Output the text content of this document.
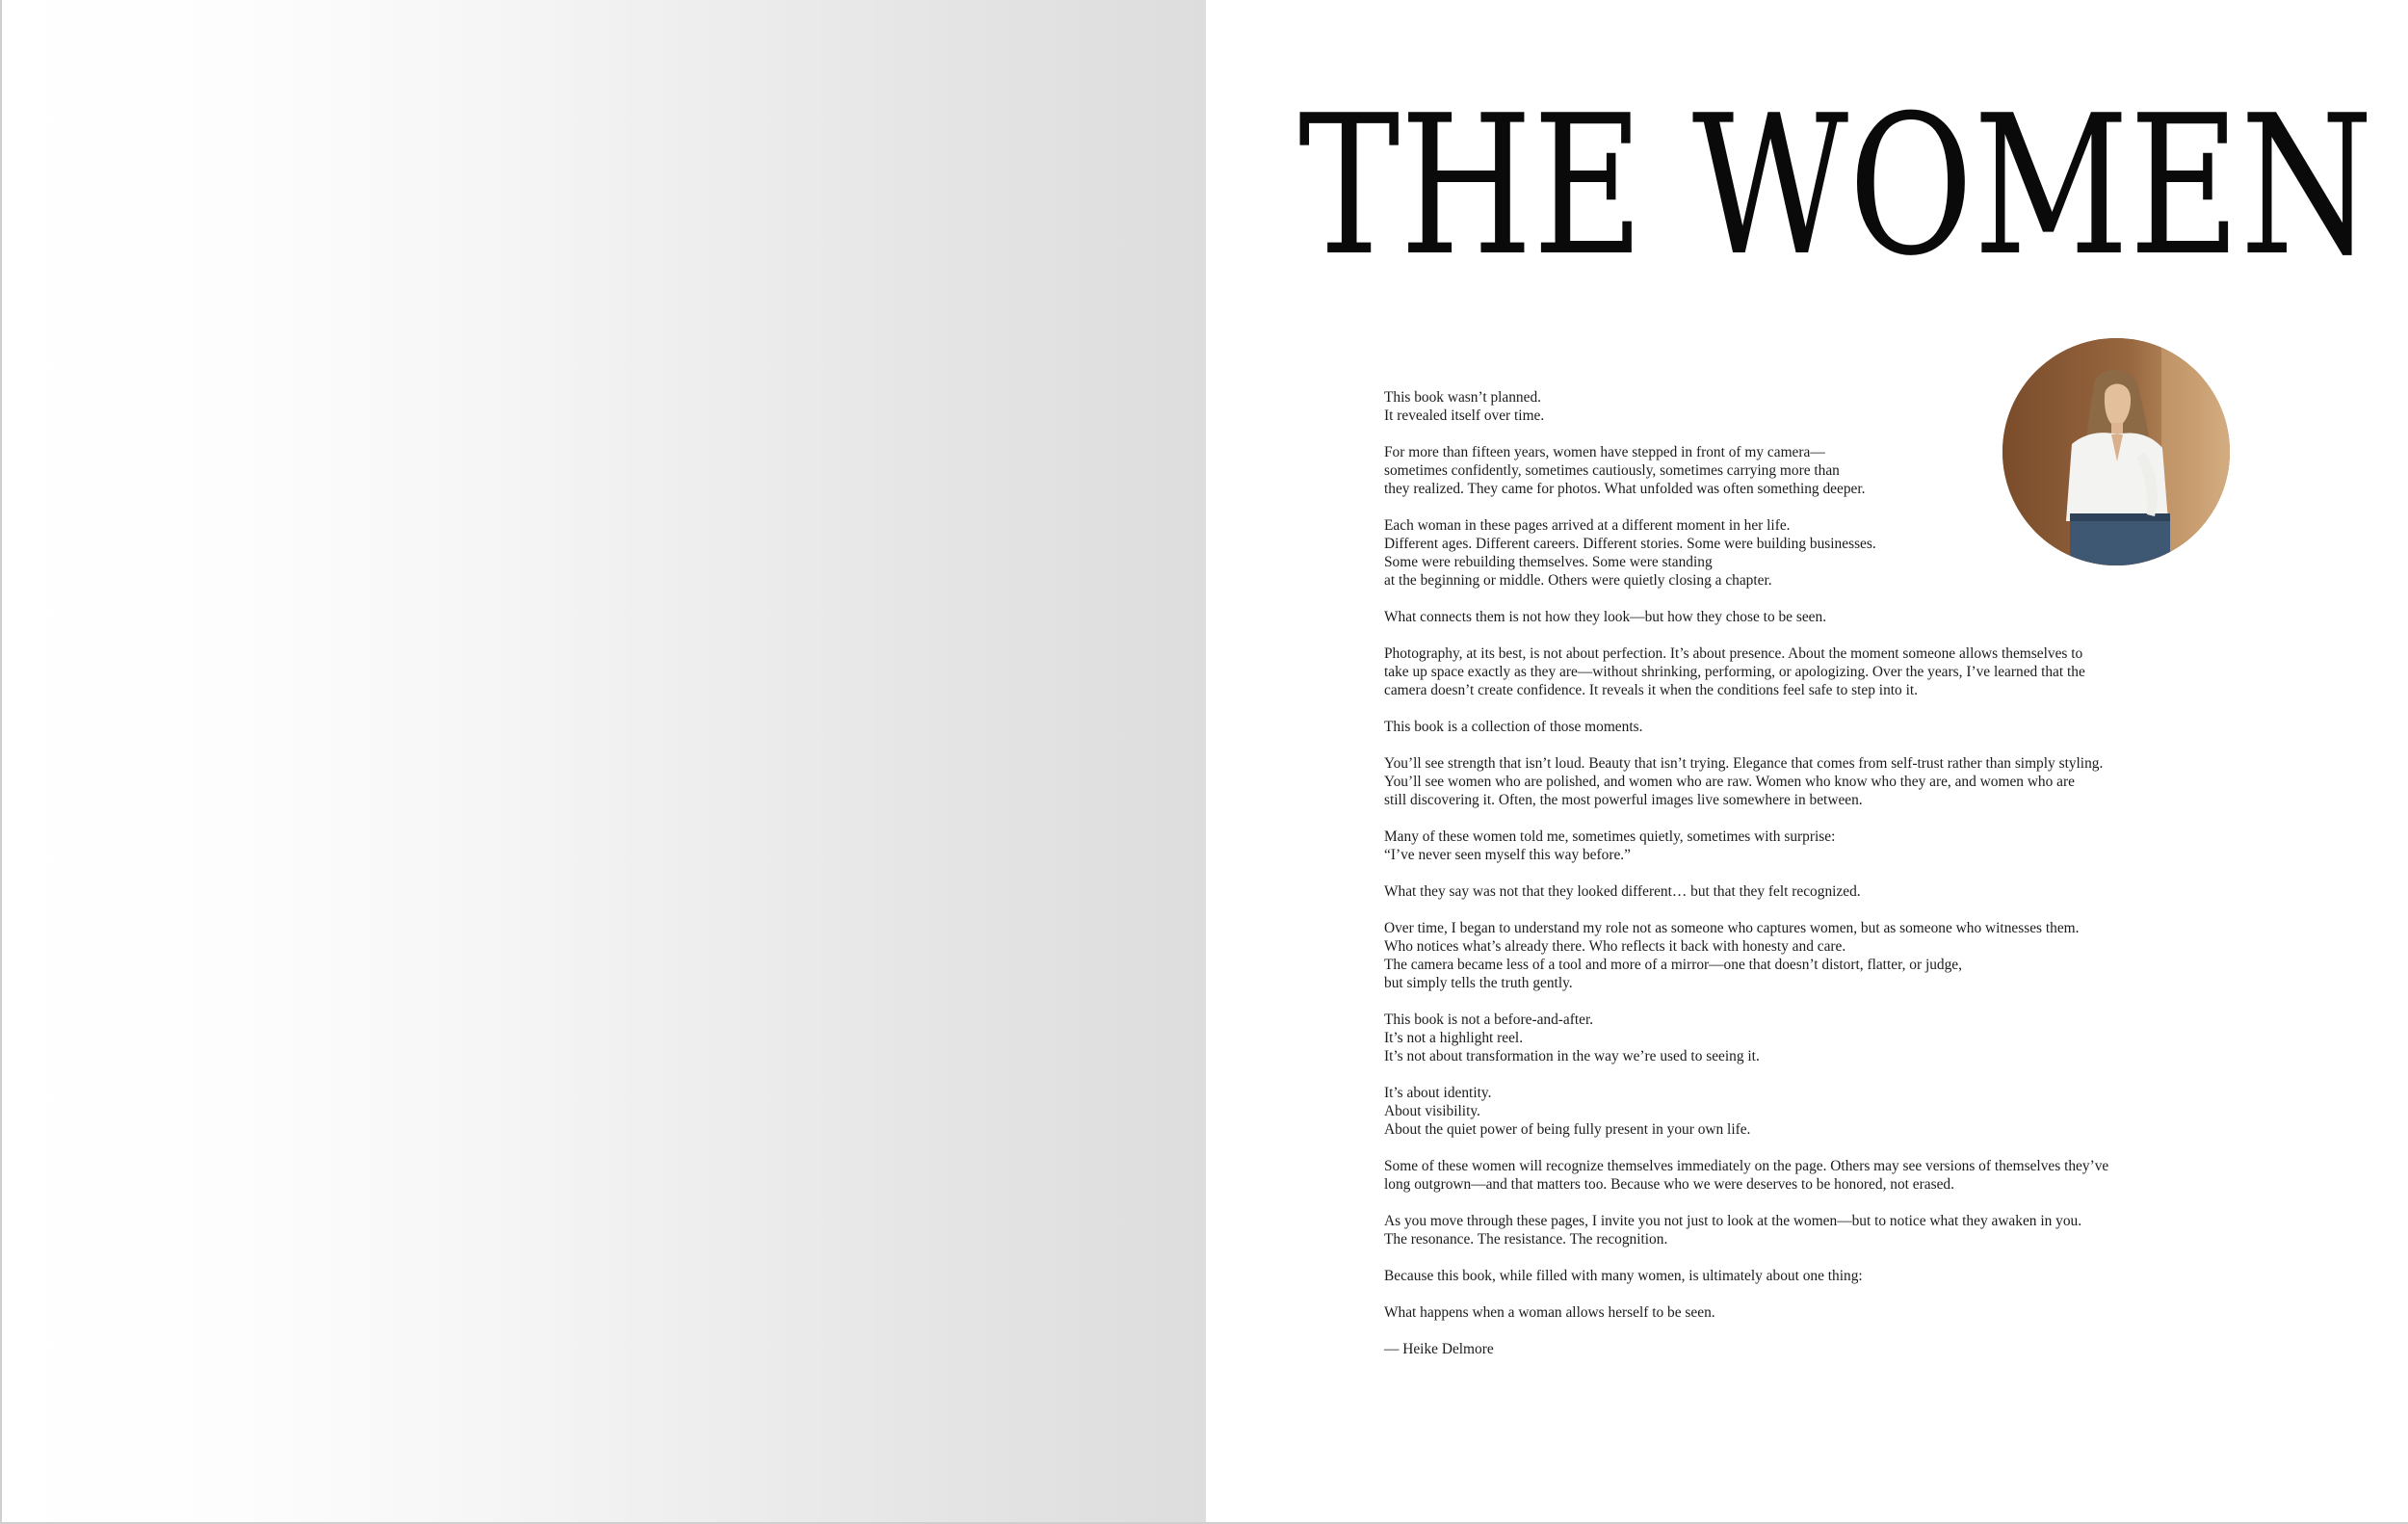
THE WOMEN

This book wasn’t planned.
It revealed itself over time.

For more than fifteen years, women have stepped in front of my camera—
sometimes confidently, sometimes cautiously, sometimes carrying more than
they realized. They came for photos. What unfolded was often something deeper.

Each woman in these pages arrived at a different moment in her life.
Different ages. Different careers. Different stories. Some were building businesses.
Some were rebuilding themselves. Some were standing
at the beginning or middle. Others were quietly closing a chapter.

What connects them is not how they look—but how they chose to be seen.

Photography, at its best, is not about perfection. It’s about presence. About the moment someone allows themselves to
take up space exactly as they are—without shrinking, performing, or apologizing. Over the years, I’ve learned that the
camera doesn’t create confidence. It reveals it when the conditions feel safe to step into it.

This book is a collection of those moments.

You’ll see strength that isn’t loud. Beauty that isn’t trying. Elegance that comes from self-trust rather than simply styling.
You’ll see women who are polished, and women who are raw. Women who know who they are, and women who are
still discovering it. Often, the most powerful images live somewhere in between.

Many of these women told me, sometimes quietly, sometimes with surprise:
“I’ve never seen myself this way before.”

What they say was not that they looked different… but that they felt recognized.

Over time, I began to understand my role not as someone who captures women, but as someone who witnesses them.
Who notices what’s already there. Who reflects it back with honesty and care.
The camera became less of a tool and more of a mirror—one that doesn’t distort, flatter, or judge,
but simply tells the truth gently.

This book is not a before-and-after.
It’s not a highlight reel.
It’s not about transformation in the way we’re used to seeing it.

It’s about identity.
About visibility.
About the quiet power of being fully present in your own life.

Some of these women will recognize themselves immediately on the page. Others may see versions of themselves they’ve
long outgrown—and that matters too. Because who we were deserves to be honored, not erased.

As you move through these pages, I invite you not just to look at the women—but to notice what they awaken in you.
The resonance. The resistance. The recognition.

Because this book, while filled with many women, is ultimately about one thing:

What happens when a woman allows herself to be seen.

— Heike Delmore
